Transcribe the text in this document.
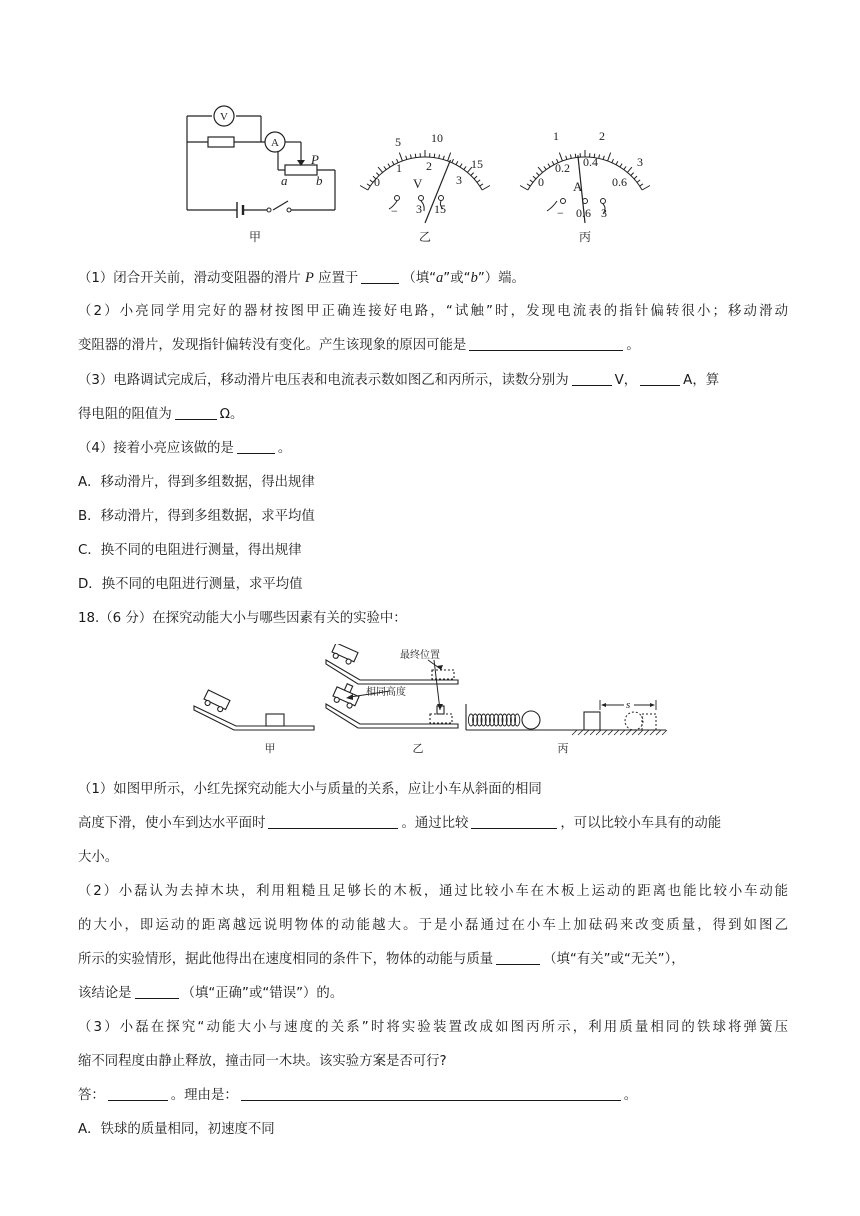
V
A
P
a b
甲
0
5	10
15
1 2
3
V
− 3 15
乙
0
1	2
3
0.2 0.4
0.6
A
− 0.6 3
丙
（1）闭合开关前，滑动变阻器的滑片 P 应置于	（填“a”或“b”）端。
（2）小亮同学用完好的器材按图甲正确连接好电路，“试触”时，发现电流表的指针偏转很小；移动滑动
变阻器的滑片，发现指针偏转没有变化。产生该现象的原因可能是	。
（3）电路调试完成后，移动滑片电压表和电流表示数如图乙和丙所示，读数分别为	V，	A，算
得电阻的阻值为	Ω。
（4）接着小亮应该做的是	。
A．移动滑片，得到多组数据，得出规律
B．移动滑片，得到多组数据，求平均值
C．换不同的电阻进行测量，得出规律
D．换不同的电阻进行测量，求平均值
18.（6 分）在探究动能大小与哪些因素有关的实验中：
甲
最终位置
相同高度
乙
s
丙
（1）如图甲所示，小红先探究动能大小与质量的关系，应让小车从斜面的相同
高度下滑，使小车到达水平面时	。通过比较	，可以比较小车具有的动能
大小。
（2）小磊认为去掉木块，利用粗糙且足够长的木板，通过比较小车在木板上运动的距离也能比较小车动能
的大小，即运动的距离越远说明物体的动能越大。于是小磊通过在小车上加砝码来改变质量，得到如图乙
所示的实验情形，据此他得出在速度相同的条件下，物体的动能与质量	（填“有关”或“无关”），
该结论是	（填“正确”或“错误”）的。
（3）小磊在探究“动能大小与速度的关系”时将实验装置改成如图丙所示，利用质量相同的铁球将弹簧压
缩不同程度由静止释放，撞击同一木块。该实验方案是否可行?
答：	。理由是：	。
A．铁球的质量相同，初速度不同
